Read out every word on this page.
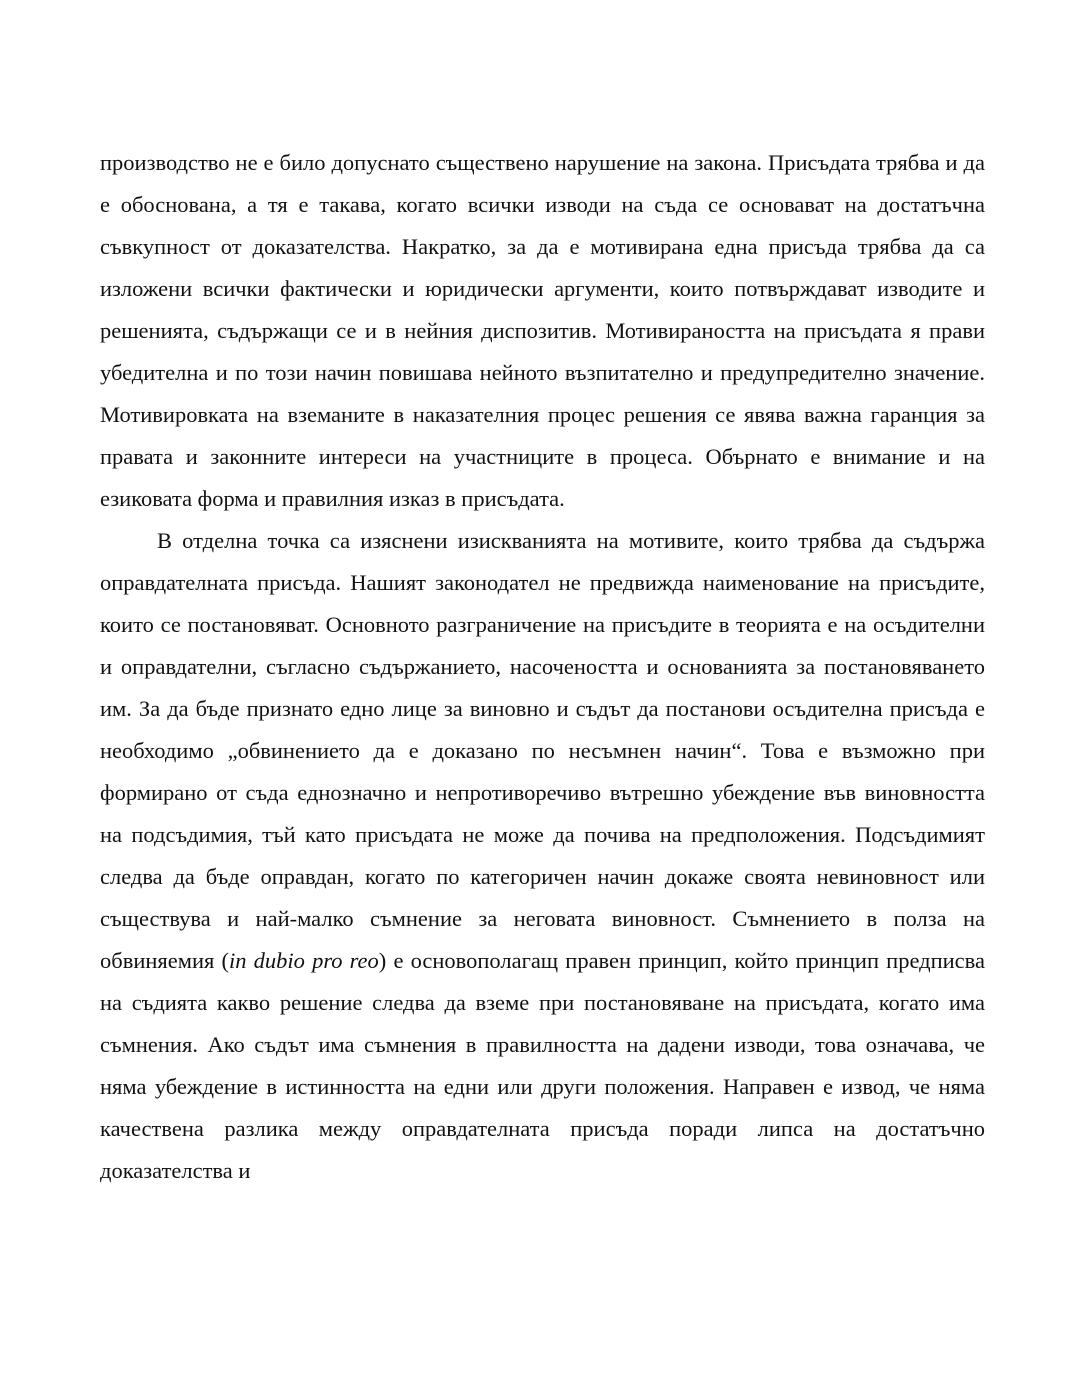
производство не е било допуснато съществено нарушение на закона. Присъдата трябва и да е обоснована, а тя е такава, когато всички изводи на съда се основават на достатъчна съвкупност от доказателства. Накратко, за да е мотивирана една присъда трябва да са изложени всички фактически и юридически аргументи, които потвърждават изводите и решенията, съдържащи се и в нейния диспозитив. Мотивираността на присъдата я прави убедителна и по този начин повишава нейното възпитателно и предупредително значение. Мотивировката на вземаните в наказателния процес решения се явява важна гаранция за правата и законните интереси на участниците в процеса. Обърнато е внимание и на езиковата форма и правилния изказ в присъдата.

В отделна точка са изяснени изискванията на мотивите, които трябва да съдържа оправдателната присъда. Нашият законодател не предвижда наименование на присъдите, които се постановяват. Основното разграничение на присъдите в теорията е на осъдителни и оправдателни, съгласно съдържанието, насочеността и основанията за постановяването им. За да бъде признато едно лице за виновно и съдът да постанови осъдителна присъда е необходимо „обвинението да е доказано по несъмнен начин“. Това е възможно при формирано от съда еднозначно и непротиворечиво вътрешно убеждение във виновността на подсъдимия, тъй като присъдата не може да почива на предположения. Подсъдимият следва да бъде оправдан, когато по категоричен начин докаже своята невиновност или съществува и най-малко съмнение за неговата виновност. Съмнението в полза на обвиняемия (in dubio pro reo) е основополагащ правен принцип, който принцип предписва на съдията какво решение следва да вземе при постановяване на присъдата, когато има съмнения. Ако съдът има съмнения в правилността на дадени изводи, това означава, че няма убеждение в истинността на едни или други положения. Направен е извод, че няма качествена разлика между оправдателната присъда поради липса на достатъчно доказателства и
